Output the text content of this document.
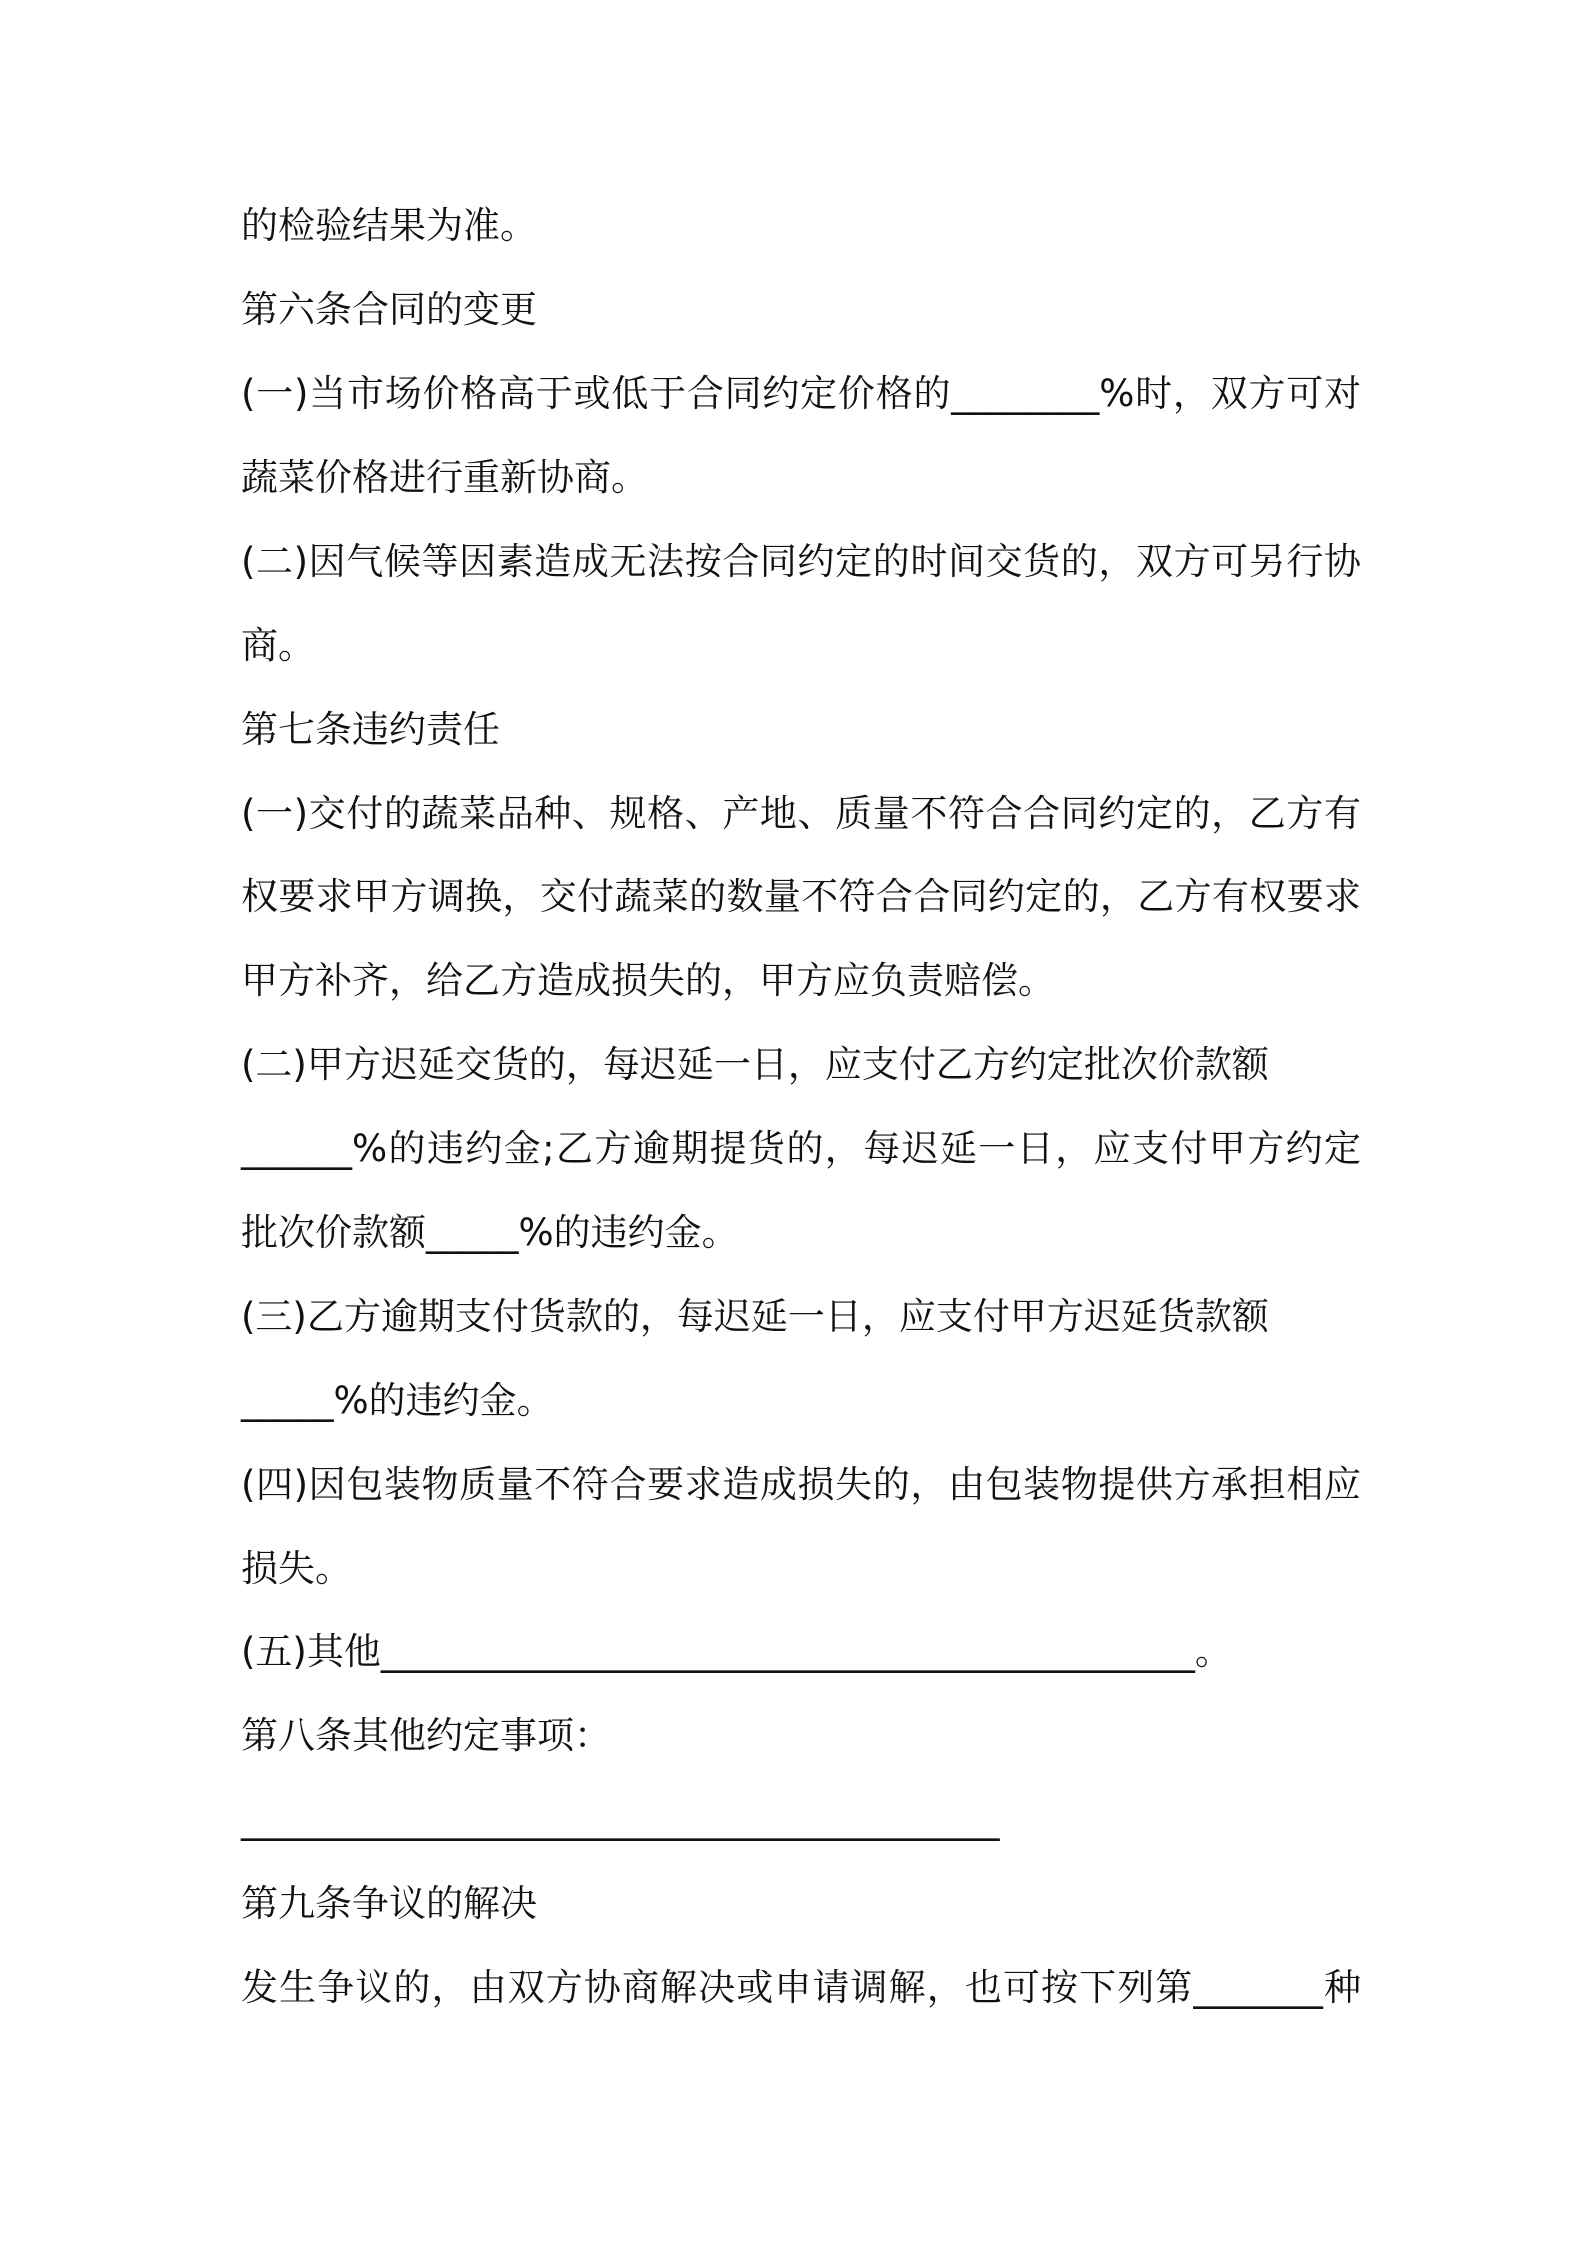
的检验结果为准。
第六条合同的变更
(一)当市场价格高于或低于合同约定价格的________%时，双方可对
蔬菜价格进行重新协商。
(二)因气候等因素造成无法按合同约定的时间交货的，双方可另行协
商。
第七条违约责任
(一)交付的蔬菜品种、规格、产地、质量不符合合同约定的，乙方有
权要求甲方调换，交付蔬菜的数量不符合合同约定的，乙方有权要求
甲方补齐，给乙方造成损失的，甲方应负责赔偿。
(二)甲方迟延交货的，每迟延一日，应支付乙方约定批次价款额
______%的违约金;乙方逾期提货的，每迟延一日，应支付甲方约定
批次价款额_____%的违约金。
(三)乙方逾期支付货款的，每迟延一日，应支付甲方迟延货款额
_____%的违约金。
(四)因包装物质量不符合要求造成损失的，由包装物提供方承担相应
损失。
(五)其他____________________________________________。
第八条其他约定事项：
_________________________________________
第九条争议的解决
发生争议的，由双方协商解决或申请调解，也可按下列第_______种
